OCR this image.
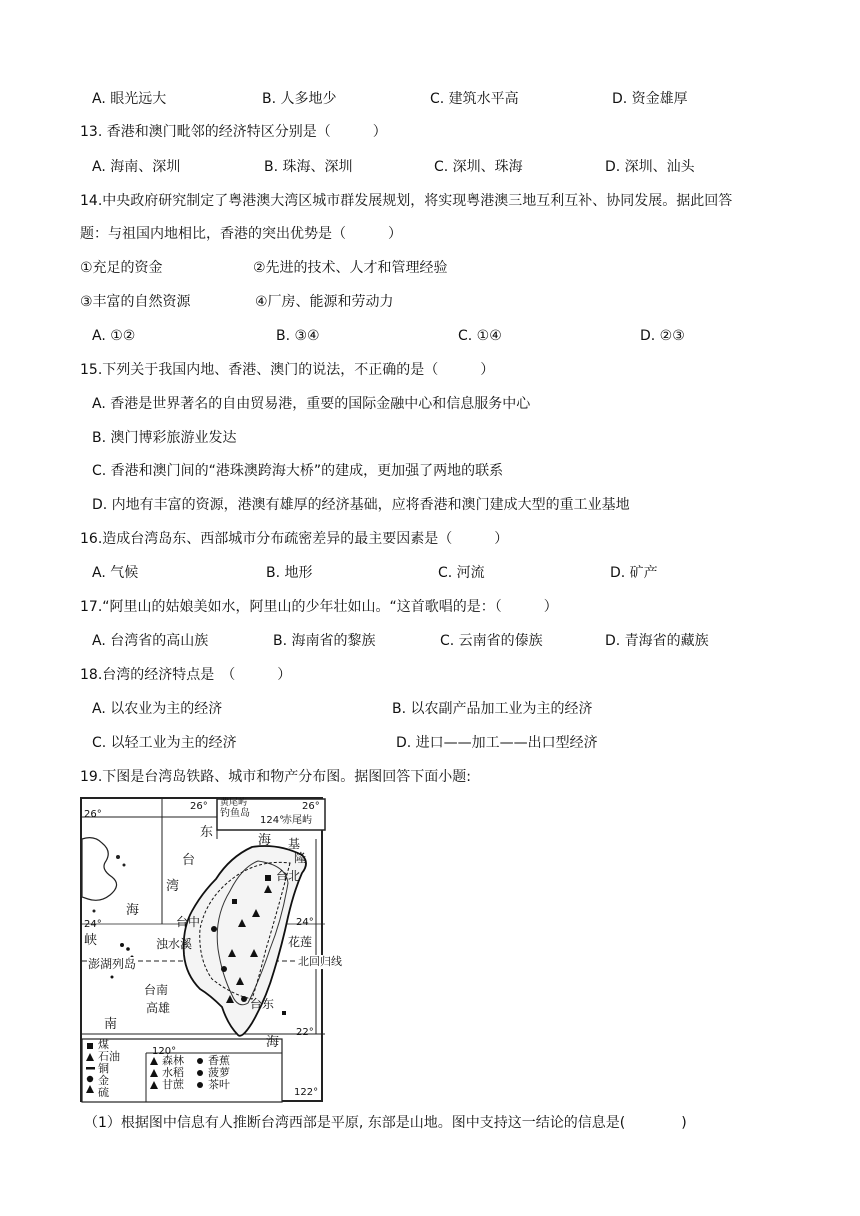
A. 眼光远大	B. 人多地少	C. 建筑水平高	D. 资金雄厚
13. 香港和澳门毗邻的经济特区分别是（　　　）
A. 海南、深圳	B. 珠海、深圳	C. 深圳、珠海	D. 深圳、汕头
14.中央政府研究制定了粤港澳大湾区城市群发展规划，将实现粤港澳三地互利互补、协同发展。据此回答
题：与祖国内地相比，香港的突出优势是（　　　）
①充足的资金	②先进的技术、人才和管理经验
③丰富的自然资源	④厂房、能源和劳动力
A. ①②	B. ③④	C. ①④	D. ②③
15.下列关于我国内地、香港、澳门的说法，不正确的是（　　　）
A. 香港是世界著名的自由贸易港，重要的国际金融中心和信息服务中心
B. 澳门博彩旅游业发达
C. 香港和澳门间的“港珠澳跨海大桥”的建成，更加强了两地的联系
D. 内地有丰富的资源，港澳有雄厚的经济基础，应将香港和澳门建成大型的重工业基地
16.造成台湾岛东、西部城市分布疏密差异的最主要因素是（　　　）
A. 气候	B. 地形	C. 河流	D. 矿产
17.“阿里山的姑娘美如水，阿里山的少年壮如山。“这首歌唱的是：（　　　）
A. 台湾省的高山族	B. 海南省的黎族	C. 云南省的傣族	D. 青海省的藏族
18.台湾的经济特点是　（　　　）
A. 以农业为主的经济	B. 以农副产品加工业为主的经济
C. 以轻工业为主的经济	D. 进口——加工——出口型经济
19.下图是台湾岛铁路、城市和物产分布图。据图回答下面小题:
黄尾屿
钓鱼岛
赤尾屿
26°	26°
26°
124°
24°	24°
22°
120°
122°
东
台
湾
海
海
峡
南
海
基
隆
台北
台中
浊水溪	花莲
澎湖列岛	北回归线
台南
高雄	台东
煤
石油
铜
金
硫
森林
水稻
甘蔗
香蕉
菠萝
茶叶
（1）根据图中信息有人推断台湾西部是平原, 东部是山地。图中支持这一结论的信息是(　　　　)
